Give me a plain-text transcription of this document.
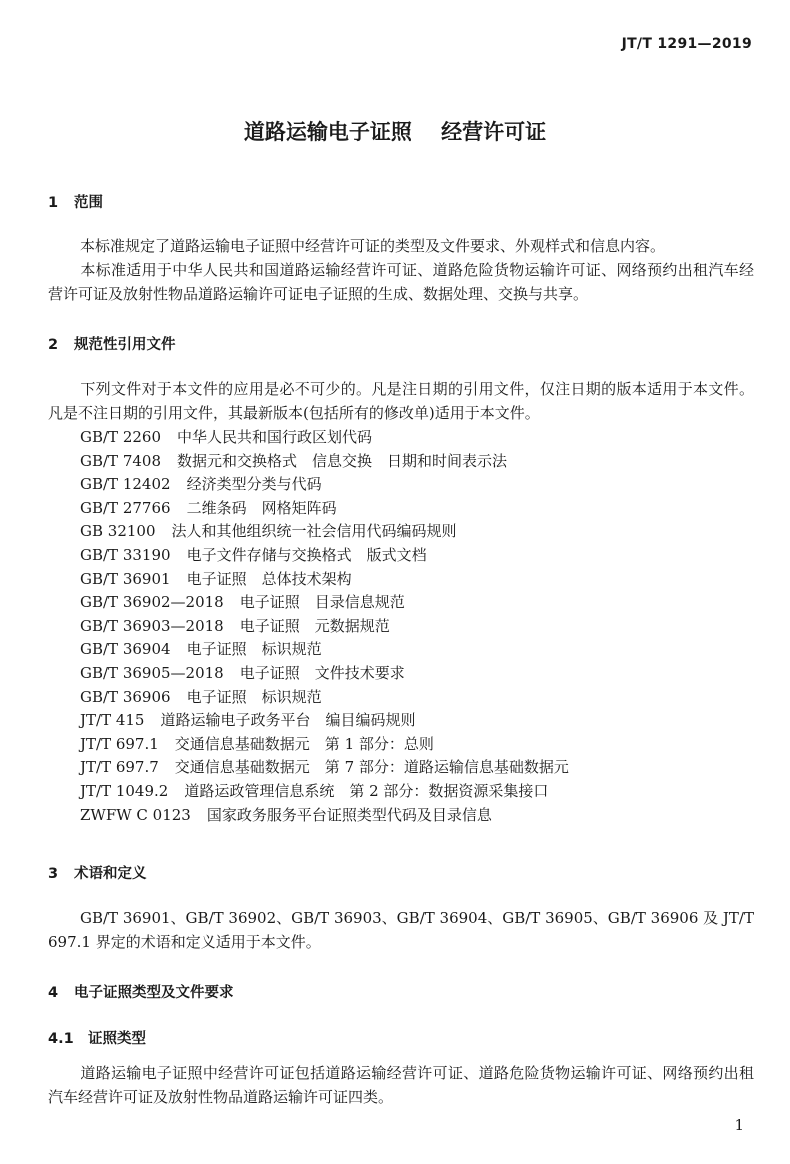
JT/T 1291—2019
道路运输电子证照 经营许可证
1 范围

本标准规定了道路运输电子证照中经营许可证的类型及文件要求、外观样式和信息内容。

本标准适用于中华人民共和国道路运输经营许可证、道路危险货物运输许可证、网络预约出租汽车经营许可证及放射性物品道路运输许可证电子证照的生成、数据处理、交换与共享。

2 规范性引用文件

下列文件对于本文件的应用是必不可少的。凡是注日期的引用文件，仅注日期的版本适用于本文件。凡是不注日期的引用文件，其最新版本(包括所有的修改单)适用于本文件。

GB/T 2260 中华人民共和国行政区划代码
GB/T 7408 数据元和交换格式　信息交换　日期和时间表示法
GB/T 12402 经济类型分类与代码
GB/T 27766 二维条码　网格矩阵码
GB 32100 法人和其他组织统一社会信用代码编码规则
GB/T 33190 电子文件存储与交换格式　版式文档
GB/T 36901 电子证照　总体技术架构
GB/T 36902—2018 电子证照　目录信息规范
GB/T 36903—2018 电子证照　元数据规范
GB/T 36904 电子证照　标识规范
GB/T 36905—2018 电子证照　文件技术要求
GB/T 36906 电子证照　标识规范
JT/T 415 道路运输电子政务平台　编目编码规则
JT/T 697.1 交通信息基础数据元　第 1 部分：总则
JT/T 697.7 交通信息基础数据元　第 7 部分：道路运输信息基础数据元
JT/T 1049.2 道路运政管理信息系统　第 2 部分：数据资源采集接口
ZWFW C 0123 国家政务服务平台证照类型代码及目录信息
3 术语和定义

GB/T 36901、GB/T 36902、GB/T 36903、GB/T 36904、GB/T 36905、GB/T 36906 及 JT/T 697.1 界定的术语和定义适用于本文件。

4 电子证照类型及文件要求
4.1 证照类型

道路运输电子证照中经营许可证包括道路运输经营许可证、道路危险货物运输许可证、网络预约出租汽车经营许可证及放射性物品道路运输许可证四类。

1
